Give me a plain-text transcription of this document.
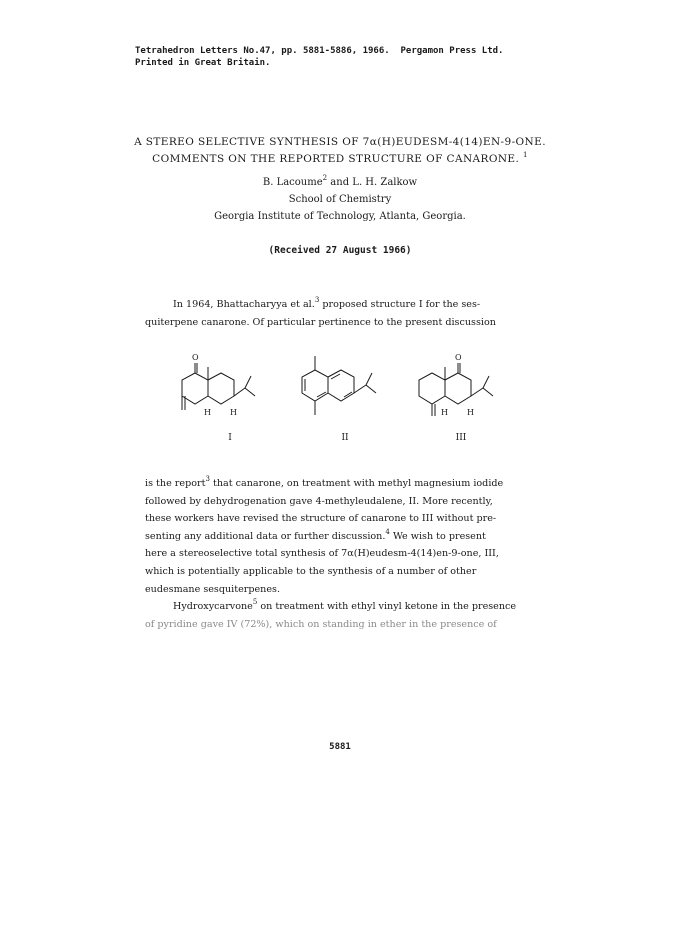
Tetrahedron Letters No.47, pp. 5881-5886, 1966.  Pergamon Press Ltd.
Printed in Great Britain.
A STEREO SELECTIVE SYNTHESIS OF 7α(H)EUDESM-4(14)EN-9-ONE.
COMMENTS ON THE REPORTED STRUCTURE OF CANARONE. $^1$
B. Lacoume$^2$ and L. H. Zalkow
School of Chemistry
Georgia Institute of Technology, Atlanta, Georgia.
(Received 27 August 1966)

In 1964, Bhattacharyya et al.$^3$ proposed structure I for the ses-

quiterpene canarone. Of particular pertinence to the present discussion

O
H H
O
H H
I	II	III

is the report$^3$ that canarone, on treatment with methyl magnesium iodide

followed by dehydrogenation gave 4-methyleudalene, II. More recently,

these workers have revised the structure of canarone to III without pre-

senting any additional data or further discussion.$^4$ We wish to present

here a stereoselective total synthesis of 7α(H)eudesm-4(14)en-9-one, III,

which is potentially applicable to the synthesis of a number of other

eudesmane sesquiterpenes.

Hydroxycarvone$^5$ on treatment with ethyl vinyl ketone in the presence

of pyridine gave IV (72%), which on standing in ether in the presence of

5881
